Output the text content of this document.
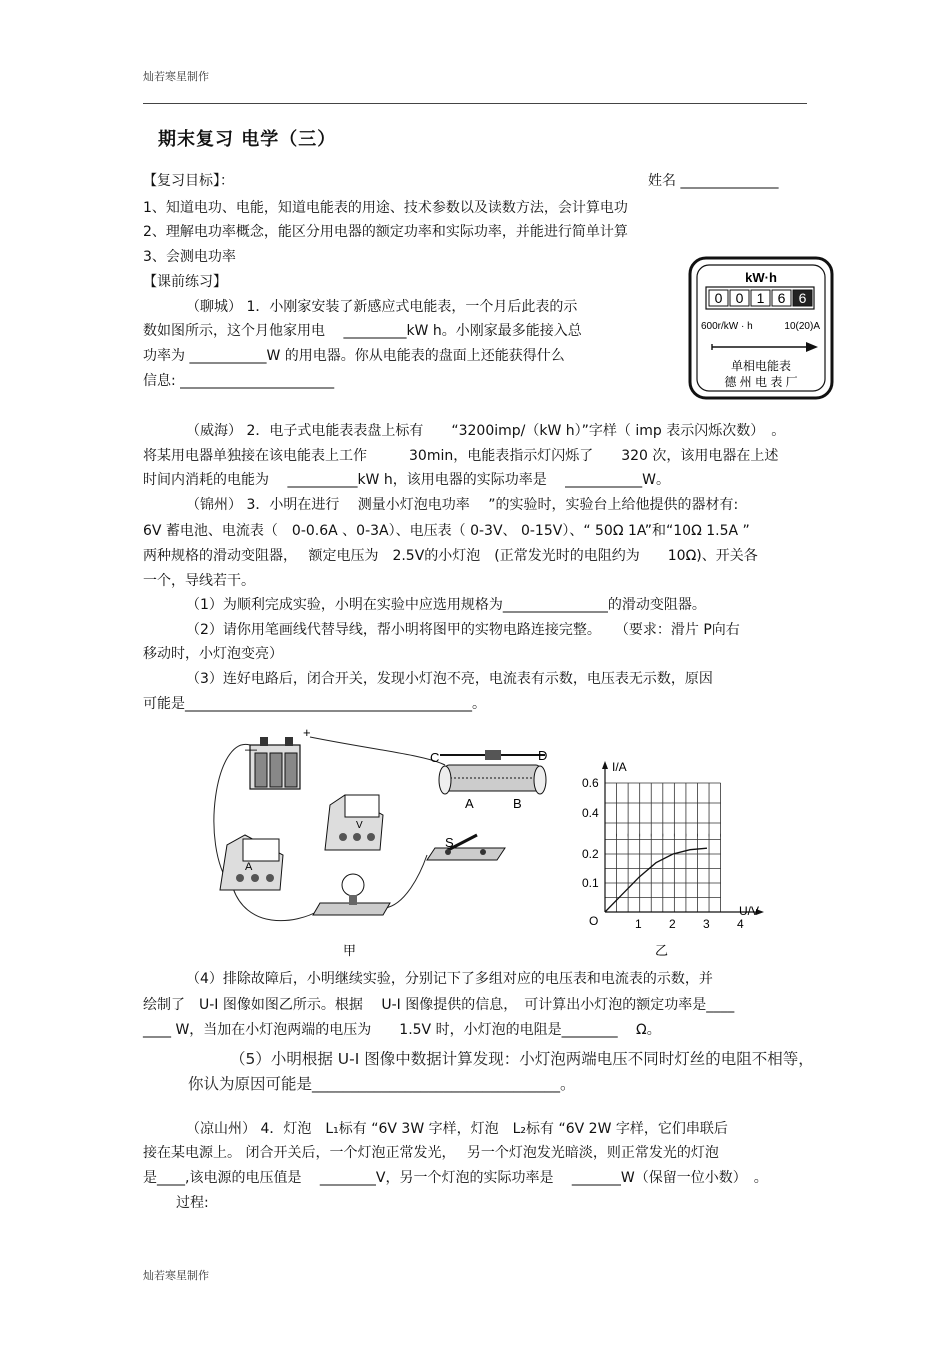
灿若寒星制作
灿若寒星制作
期末复习 电学（三）
【复习目标】：	姓名 ______________
1、知道电功、电能，知道电能表的用途、技术参数以及读数方法，会计算电功
2、理解电功率概念，能区分用电器的额定功率和实际功率，并能进行简单计算
3、会测电功率
【课前练习】
（聊城） 1．小刚家安装了新感应式电能表，一个月后此表的示
数如图所示，这个月他家用电　 _________kW h。小刚家最多能接入总
功率为 ___________W 的用电器。你从电能表的盘面上还能获得什么
信息: ______________________
kW·h
0 0 1 6 6
600r/kW · h	10(20)A
单相电能表
德 州 电 表 厂
（威海） 2．电子式电能表表盘上标有　　“3200imp/（kW h）”字样（ imp 表示闪烁次数）　。
将某用电器单独接在该电能表上工作　　　30min，电能表指示灯闪烁了　　320 次，该用电器在上述
时间内消耗的电能为　 __________kW h，该用电器的实际功率是　 ___________W。
（锦州） 3．小明在进行　 测量小灯泡电功率　 ”的实验时，实验台上给他提供的器材有:
6V 蓄电池、电流表（　0-0.6A 、0-3A）、电压表（ 0-3V、 0-15V）、“ 50Ω 1A”和“10Ω 1.5A ”
两种规格的滑动变阻器，　 额定电压为　2.5V的小灯泡　(正常发光时的电阻约为　　10Ω)、开关各
一个，导线若干。
（1）为顺利完成实验，小明在实验中应选用规格为_______________的滑动变阻器。
（2）请你用笔画线代替导线，帮小明将图甲的实物电路连接完整。　　（要求：滑片 P向右
移动时，小灯泡变亮）
（3）连好电路后，闭合开关，发现小灯泡不亮，电流表有示数，电压表无示数，原因
可能是_________________________________________。
—
+
C	D
A	B
V
A
S
甲
1 2 3 4
0.1
0.2
0.4
0.6
I/A
U/V
O
乙
（4）排除故障后，小明继续实验，分别记下了多组对应的电压表和电流表的示数，并
绘制了　U-I 图像如图乙所示。根据　 U-I 图像提供的信息，　可计算出小灯泡的额定功率是____
____ W，当加在小灯泡两端的电压为　　1.5V 时，小灯泡的电阻是________　 Ω。
（5）小明根据 U-I 图像中数据计算发现：小灯泡两端电压不同时灯丝的电阻不相等，
你认为原因可能是________________________________。
（凉山州） 4．灯泡　L₁标有 “6V 3W 字样，灯泡　L₂标有 “6V 2W 字样，它们串联后
接在某电源上。 闭合开关后，一个灯泡正常发光，　 另一个灯泡发光暗淡，则正常发光的灯泡
是____,该电源的电压值是　 ________V，另一个灯泡的实际功率是　 _______W（保留一位小数）　。
过程:
